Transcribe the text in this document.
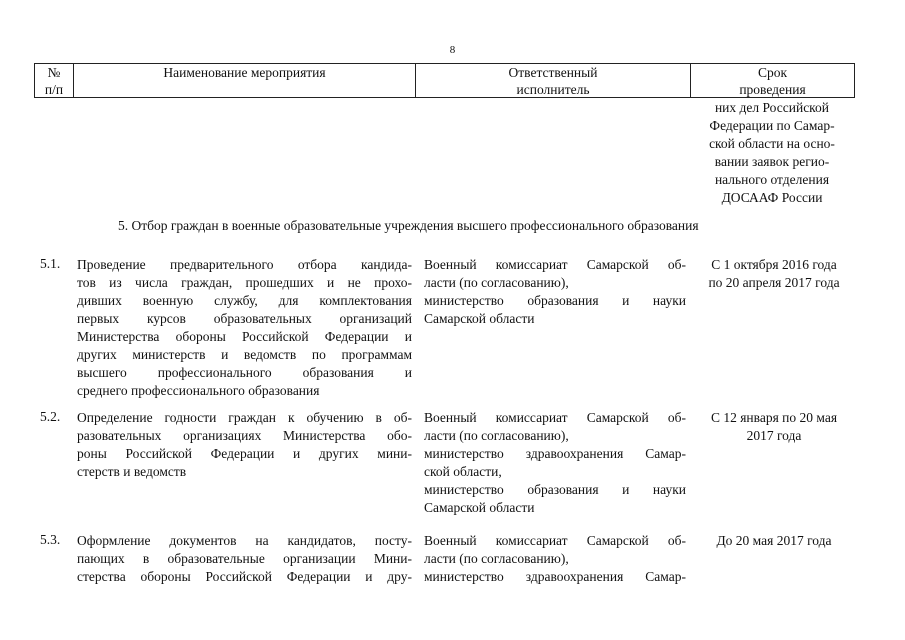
8
№
п/п
Наименование мероприятия	Ответственный
исполнитель
Срок
проведения
них дел Российской
Федерации по Самар-
ской области на осно-
вании заявок регио-
нального отделения
ДОСААФ России
5. Отбор граждан в военные образовательные учреждения высшего профессионального образования
5.1. Проведение предварительного отбора кандида-
тов из числа граждан, прошедших и не прохо-
дивших военную службу, для комплектования
первых курсов образовательных организаций
Министерства обороны Российской Федерации и
других министерств и ведомств по программам
высшего профессионального образования и
среднего профессионального образования
Военный комиссариат Самарской об-
ласти (по согласованию),
министерство образования и науки
Самарской области
С 1 октября 2016 года
по 20 апреля 2017 года
5.2. Определение годности граждан к обучению в об-
разовательных организациях Министерства обо-
роны Российской Федерации и других мини-
стерств и ведомств
Военный комиссариат Самарской об-
ласти (по согласованию),
министерство здравоохранения Самар-
ской области,
министерство образования и науки
Самарской области
С 12 января по 20 мая
2017 года
5.3. Оформление документов на кандидатов, посту-
пающих в образовательные организации Мини-
стерства обороны Российской Федерации и дру-
Военный комиссариат Самарской об-
ласти (по согласованию),
министерство здравоохранения Самар-
До 20 мая 2017 года
